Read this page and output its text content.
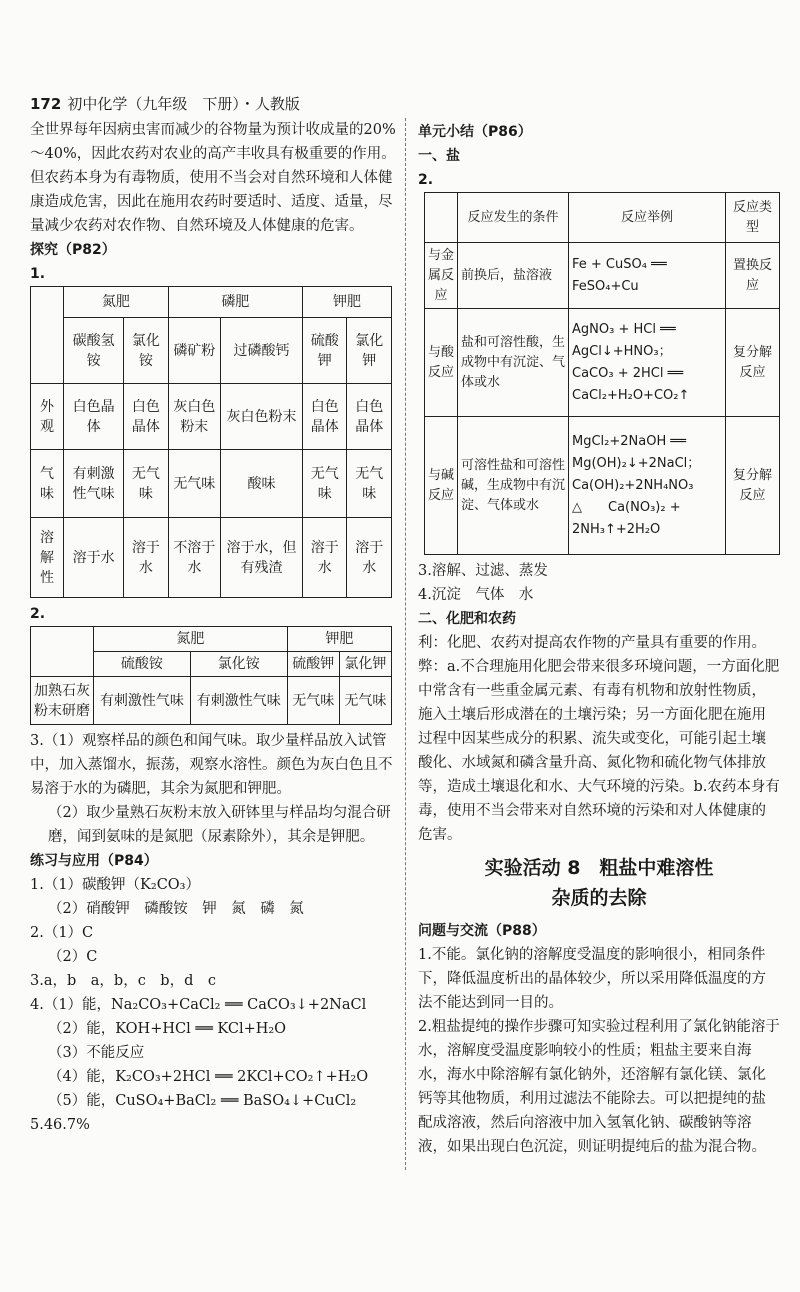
172 初中化学（九年级　下册）・人教版

全世界每年因病虫害而减少的谷物量为预计收成量的20%～40%，因此农药对农业的高产丰收具有极重要的作用。

但农药本身为有毒物质，使用不当会对自然环境和人体健康造成危害，因此在施用农药时要适时、适度、适量，尽量减少农药对农作物、自然环境及人体健康的危害。

探究（P82）

1.

	氮肥		磷肥		钾肥	
	碳酸氢铵	氯化铵	磷矿粉	过磷酸钙	硫酸钾	氯化钾
外观	白色晶体	白色晶体	灰白色粉末	灰白色粉末	白色晶体	白色晶体
气味	有刺激性气味	无气味	无气味	酸味	无气味	无气味
溶解性	溶于水	溶于水	不溶于水	溶于水，但有残渣	溶于水	溶于水

2.

	氮肥		钾肥	
	硫酸铵	氯化铵	硫酸钾	氯化钾
加熟石灰粉末研磨	有刺激性气味	有刺激性气味	无气味	无气味

3.（1）观察样品的颜色和闻气味。取少量样品放入试管中，加入蒸馏水，振荡，观察水溶性。颜色为灰白色且不易溶于水的为磷肥，其余为氮肥和钾肥。

（2）取少量熟石灰粉末放入研钵里与样品均匀混合研磨，闻到氨味的是氮肥（尿素除外），其余是钾肥。

练习与应用（P84）

1.（1）碳酸钾（K₂CO₃）

（2）硝酸钾　磷酸铵　钾　氮　磷　氮

2.（1）C

（2）C

3.a，b　a，b，c　b，d　c

4.（1）能，Na₂CO₃+CaCl₂ ══ CaCO₃↓+2NaCl

（2）能，KOH+HCl ══ KCl+H₂O

（3）不能反应

（4）能，K₂CO₃+2HCl ══ 2KCl+CO₂↑+H₂O

（5）能，CuSO₄+BaCl₂ ══ BaSO₄↓+CuCl₂

5.46.7%

单元小结（P86）

一、盐

2.

	反应发生的条件	反应举例	反应类型
与金属反应	前换后，盐溶液	Fe + CuSO₄ ══
FeSO₄+Cu	置换反应
与酸反应	盐和可溶性酸，生成物中有沉淀、气体或水	AgNO₃ + HCl ══
AgCl↓+HNO₃；
CaCO₃ + 2HCl ══
CaCl₂+H₂O+CO₂↑	复分解反应
与碱反应	可溶性盐和可溶性碱，生成物中有沉淀、气体或水	MgCl₂+2NaOH ══
Mg(OH)₂↓+2NaCl；
Ca(OH)₂+2NH₄NO₃
△　　Ca(NO₃)₂ +
2NH₃↑+2H₂O	复分解反应

3.溶解、过滤、蒸发

4.沉淀　气体　水

二、化肥和农药

利：化肥、农药对提高农作物的产量具有重要的作用。

弊：a.不合理施用化肥会带来很多环境问题，一方面化肥中常含有一些重金属元素、有毒有机物和放射性物质，施入土壤后形成潜在的土壤污染；另一方面化肥在施用过程中因某些成分的积累、流失或变化，可能引起土壤酸化、水域氮和磷含量升高、氮化物和硫化物气体排放等，造成土壤退化和水、大气环境的污染。b.农药本身有毒，使用不当会带来对自然环境的污染和对人体健康的危害。

实验活动 8　粗盐中难溶性
杂质的去除

问题与交流（P88）

1.不能。氯化钠的溶解度受温度的影响很小，相同条件下，降低温度析出的晶体较少，所以采用降低温度的方法不能达到同一目的。

2.粗盐提纯的操作步骤可知实验过程利用了氯化钠能溶于水，溶解度受温度影响较小的性质；粗盐主要来自海水，海水中除溶解有氯化钠外，还溶解有氯化镁、氯化钙等其他物质，利用过滤法不能除去。可以把提纯的盐配成溶液，然后向溶液中加入氢氧化钠、碳酸钠等溶液，如果出现白色沉淀，则证明提纯后的盐为混合物。
